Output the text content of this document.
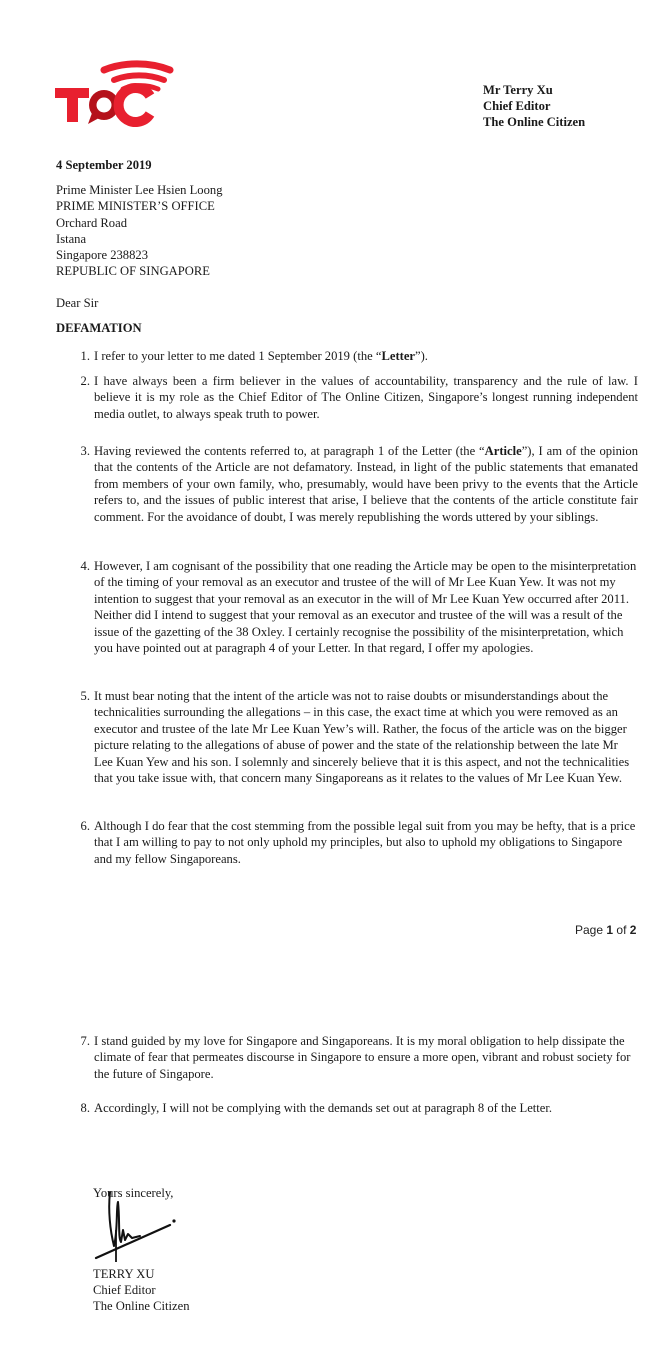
Mr Terry Xu
Chief Editor
The Online Citizen
4 September 2019
Prime Minister Lee Hsien Loong
PRIME MINISTER’S OFFICE
Orchard Road
Istana
Singapore 238823
REPUBLIC OF SINGAPORE
Dear Sir
DEFAMATION
1. I refer to your letter to me dated 1 September 2019 (the “Letter”).
2. I have always been a firm believer in the values of accountability, transparency and the rule of law. I believe it is my role as the Chief Editor of The Online Citizen, Singapore’s longest running independent media outlet, to always speak truth to power.
3. Having reviewed the contents referred to, at paragraph 1 of the Letter (the “Article”), I am of the opinion that the contents of the Article are not defamatory. Instead, in light of the public statements that emanated from members of your own family, who, presumably, would have been privy to the events that the Article refers to, and the issues of public interest that arise, I believe that the contents of the article constitute fair comment. For the avoidance of doubt, I was merely republishing the words uttered by your siblings.
4. However, I am cognisant of the possibility that one reading the Article may be open to the misinterpretation of the timing of your removal as an executor and trustee of the will of Mr Lee Kuan Yew. It was not my intention to suggest that your removal as an executor in the will of Mr Lee Kuan Yew occurred after 2011. Neither did I intend to suggest that your removal as an executor and trustee of the will was a result of the issue of the gazetting of the 38 Oxley. I certainly recognise the possibility of the misinterpretation, which you have pointed out at paragraph 4 of your Letter. In that regard, I offer my apologies.
5. It must bear noting that the intent of the article was not to raise doubts or misunderstandings about the technicalities surrounding the allegations – in this case, the exact time at which you were removed as an executor and trustee of the late Mr Lee Kuan Yew’s will. Rather, the focus of the article was on the bigger picture relating to the allegations of abuse of power and the state of the relationship between the late Mr Lee Kuan Yew and his son. I solemnly and sincerely believe that it is this aspect, and not the technicalities that you take issue with, that concern many Singaporeans as it relates to the values of Mr Lee Kuan Yew.
6. Although I do fear that the cost stemming from the possible legal suit from you may be hefty, that is a price that I am willing to pay to not only uphold my principles, but also to uphold my obligations to Singapore and my fellow Singaporeans.
Page 1 of 2
7. I stand guided by my love for Singapore and Singaporeans. It is my moral obligation to help dissipate the climate of fear that permeates discourse in Singapore to ensure a more open, vibrant and robust society for the future of Singapore.
8. Accordingly, I will not be complying with the demands set out at paragraph 8 of the Letter.
Yours sincerely,
TERRY XU
Chief Editor
The Online Citizen
